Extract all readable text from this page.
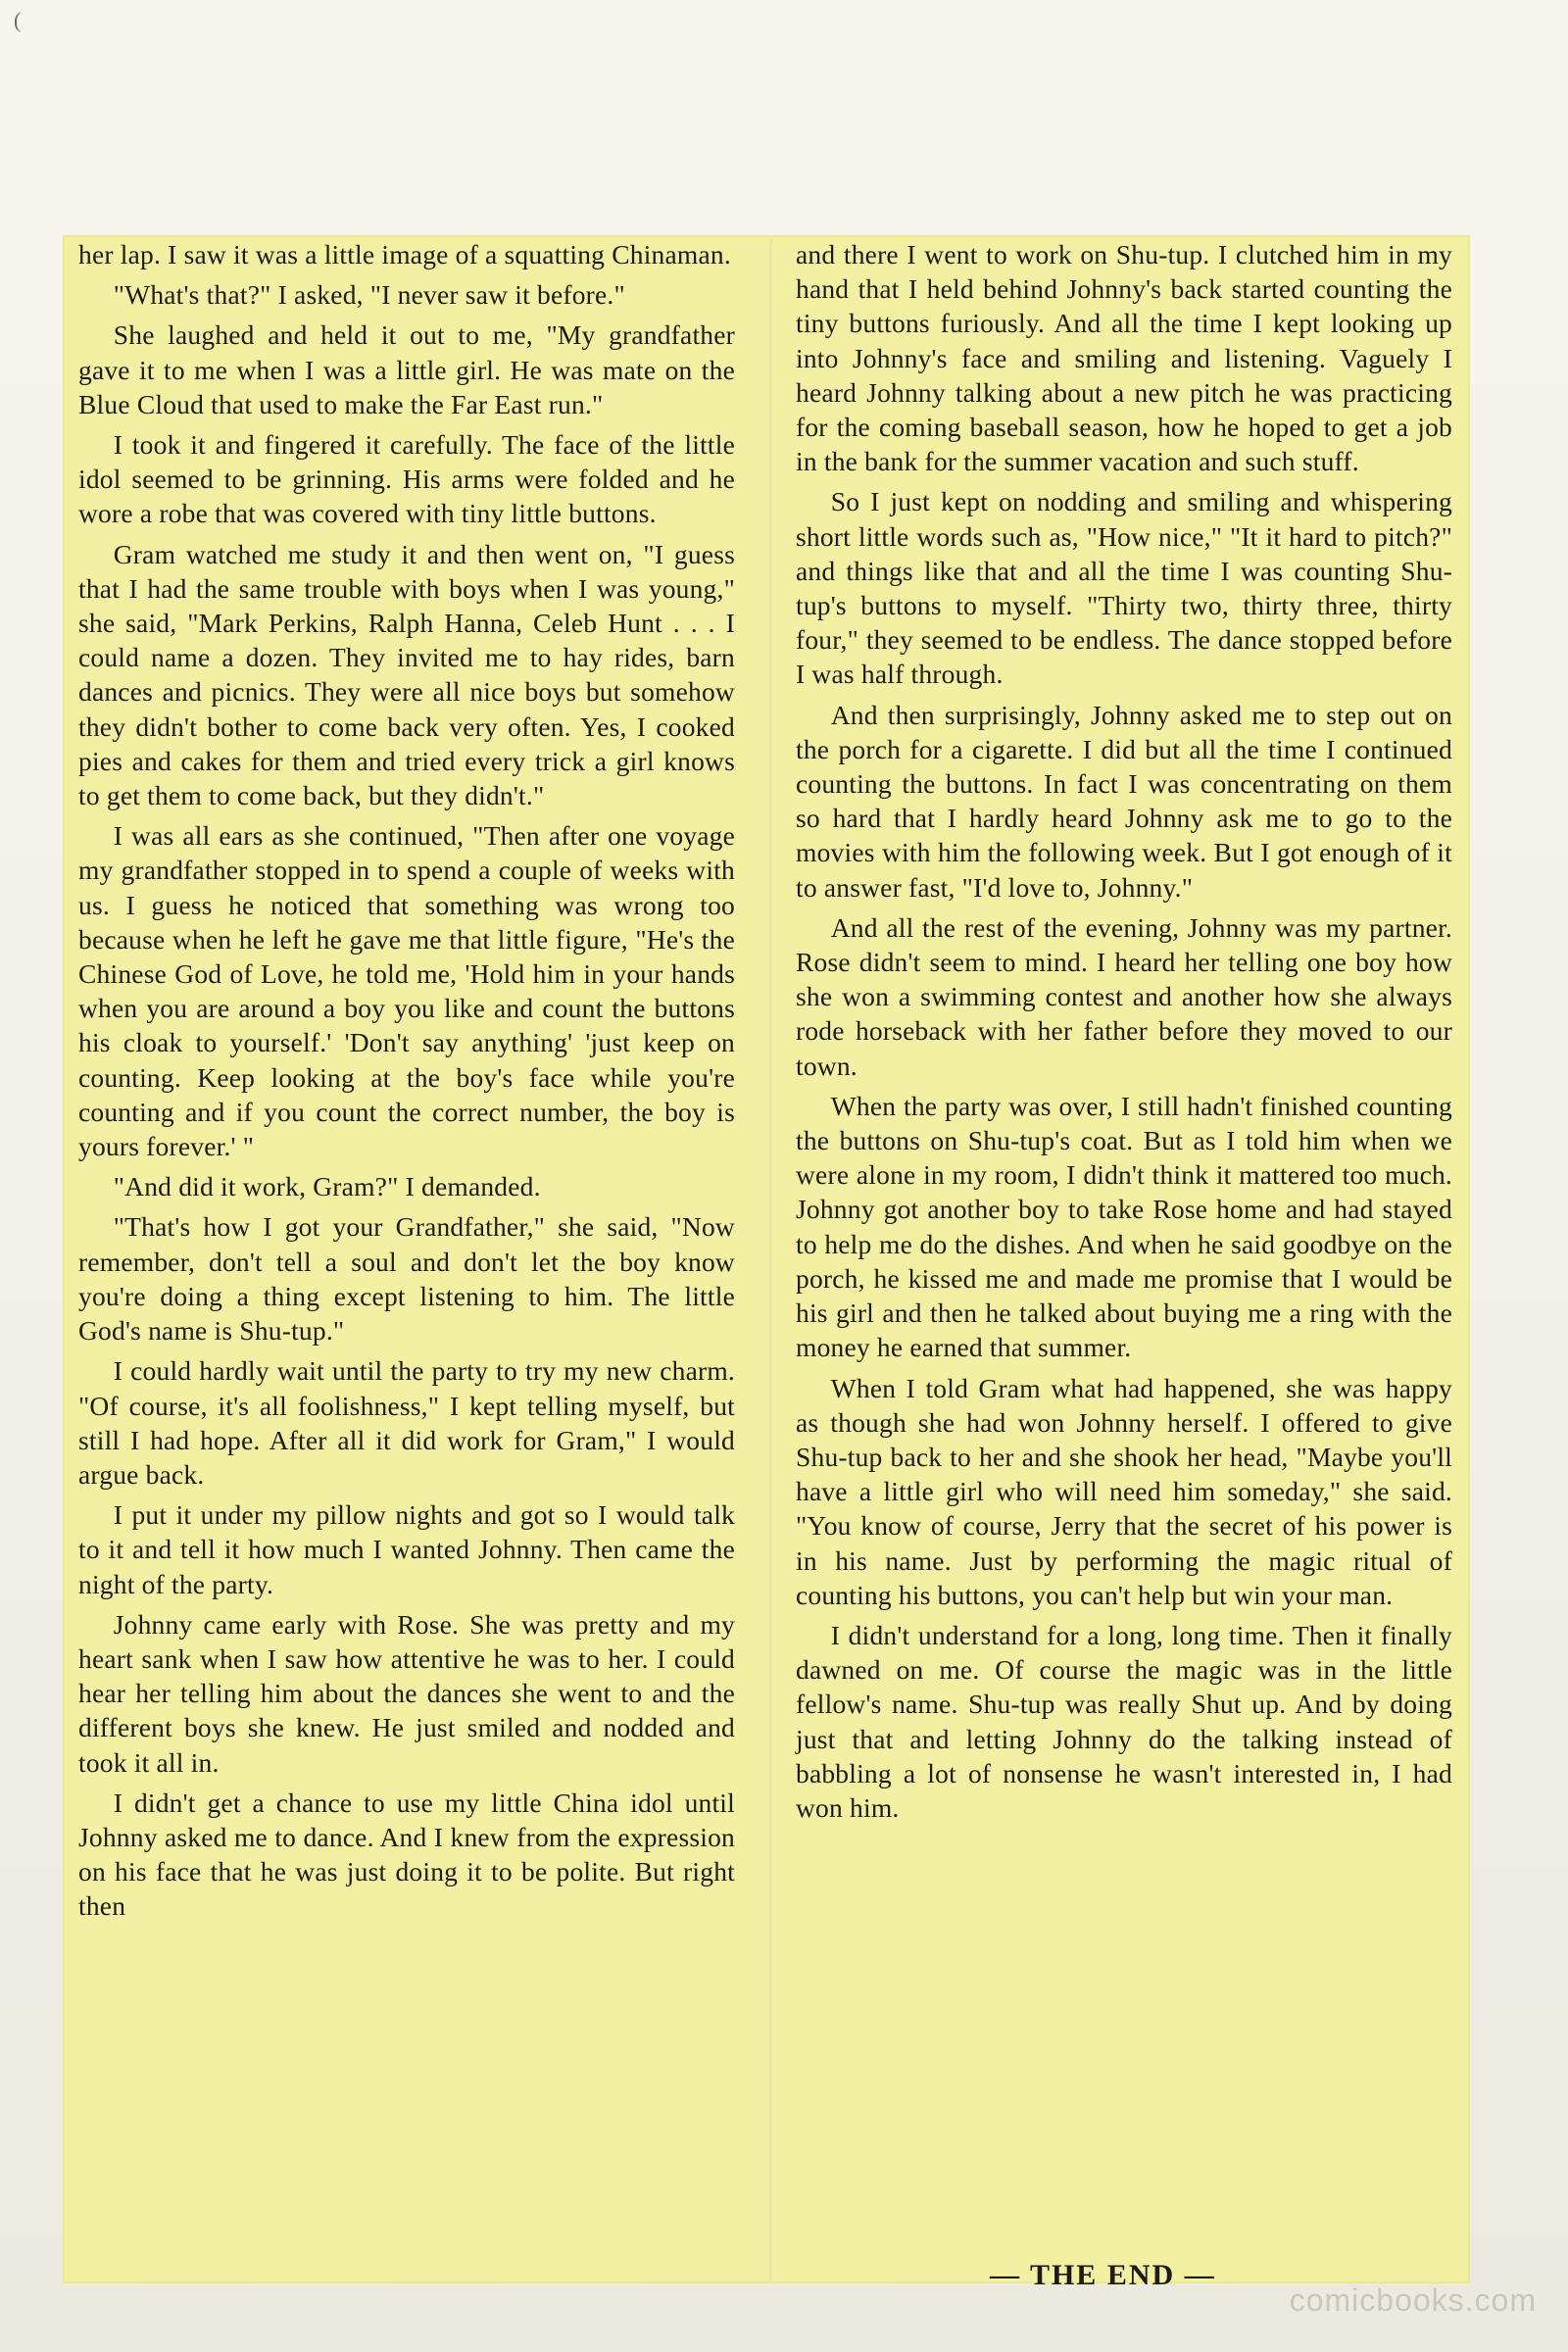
(

her lap. I saw it was a little image of a squatting Chinaman.

"What's that?" I asked, "I never saw it before."

She laughed and held it out to me, "My grandfather gave it to me when I was a little girl. He was mate on the Blue Cloud that used to make the Far East run."

I took it and fingered it carefully. The face of the little idol seemed to be grinning. His arms were folded and he wore a robe that was covered with tiny little buttons.

Gram watched me study it and then went on, "I guess that I had the same trouble with boys when I was young," she said, "Mark Perkins, Ralph Hanna, Celeb Hunt . . . I could name a dozen. They invited me to hay rides, barn dances and picnics. They were all nice boys but somehow they didn't bother to come back very often. Yes, I cooked pies and cakes for them and tried every trick a girl knows to get them to come back, but they didn't."

I was all ears as she continued, "Then after one voyage my grandfather stopped in to spend a couple of weeks with us. I guess he noticed that something was wrong too because when he left he gave me that little figure, "He's the Chinese God of Love, he told me, 'Hold him in your hands when you are around a boy you like and count the buttons his cloak to yourself.' 'Don't say anything' 'just keep on counting. Keep looking at the boy's face while you're counting and if you count the correct number, the boy is yours forever.' "

"And did it work, Gram?" I demanded.

"That's how I got your Grandfather," she said, "Now remember, don't tell a soul and don't let the boy know you're doing a thing except listening to him. The little God's name is Shu-tup."

I could hardly wait until the party to try my new charm. "Of course, it's all foolishness," I kept telling myself, but still I had hope. After all it did work for Gram," I would argue back.

I put it under my pillow nights and got so I would talk to it and tell it how much I wanted Johnny. Then came the night of the party.

Johnny came early with Rose. She was pretty and my heart sank when I saw how attentive he was to her. I could hear her telling him about the dances she went to and the different boys she knew. He just smiled and nodded and took it all in.

I didn't get a chance to use my little China idol until Johnny asked me to dance. And I knew from the expression on his face that he was just doing it to be polite. But right then

and there I went to work on Shu-tup. I clutched him in my hand that I held behind Johnny's back started counting the tiny buttons furiously. And all the time I kept looking up into Johnny's face and smiling and listening. Vaguely I heard Johnny talking about a new pitch he was practicing for the coming baseball season, how he hoped to get a job in the bank for the summer vacation and such stuff.

So I just kept on nodding and smiling and whispering short little words such as, "How nice," "It it hard to pitch?" and things like that and all the time I was counting Shu-tup's buttons to myself. "Thirty two, thirty three, thirty four," they seemed to be endless. The dance stopped before I was half through.

And then surprisingly, Johnny asked me to step out on the porch for a cigarette. I did but all the time I continued counting the buttons. In fact I was concentrating on them so hard that I hardly heard Johnny ask me to go to the movies with him the following week. But I got enough of it to answer fast, "I'd love to, Johnny."

And all the rest of the evening, Johnny was my partner. Rose didn't seem to mind. I heard her telling one boy how she won a swimming contest and another how she always rode horseback with her father before they moved to our town.

When the party was over, I still hadn't finished counting the buttons on Shu-tup's coat. But as I told him when we were alone in my room, I didn't think it mattered too much. Johnny got another boy to take Rose home and had stayed to help me do the dishes. And when he said goodbye on the porch, he kissed me and made me promise that I would be his girl and then he talked about buying me a ring with the money he earned that summer.

When I told Gram what had happened, she was happy as though she had won Johnny herself. I offered to give Shu-tup back to her and she shook her head, "Maybe you'll have a little girl who will need him someday," she said. "You know of course, Jerry that the secret of his power is in his name. Just by performing the magic ritual of counting his buttons, you can't help but win your man.

I didn't understand for a long, long time. Then it finally dawned on me. Of course the magic was in the little fellow's name. Shu-tup was really Shut up. And by doing just that and letting Johnny do the talking instead of babbling a lot of nonsense he wasn't interested in, I had won him.

— THE END —
comicbooks.com
